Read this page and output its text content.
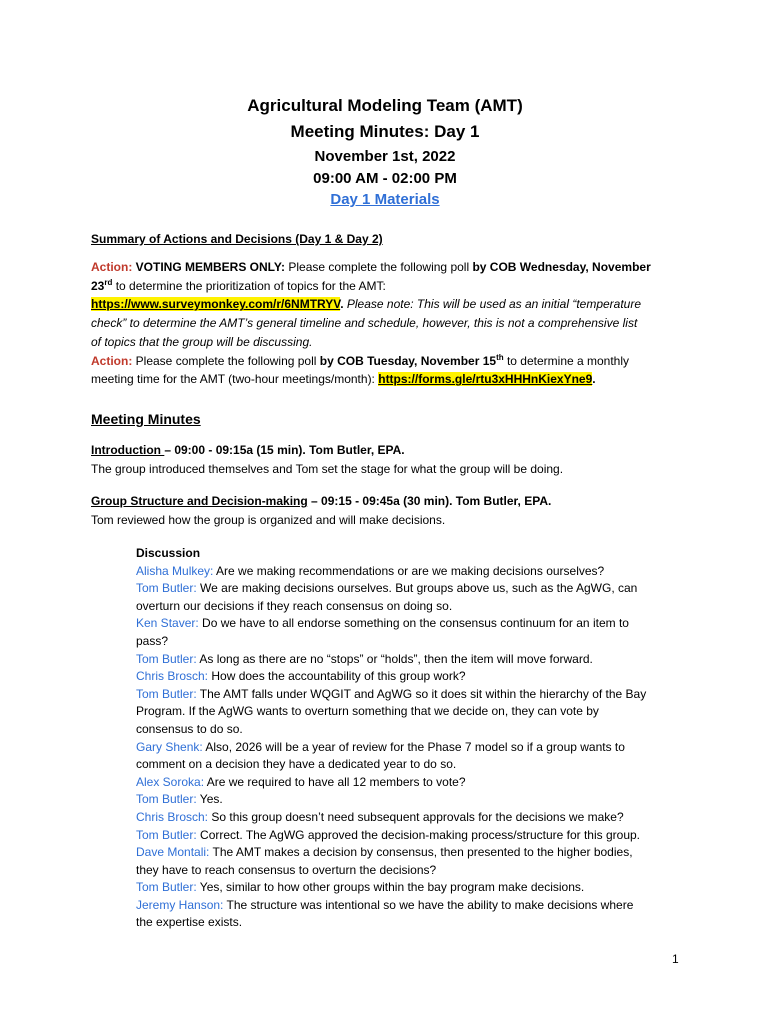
Agricultural Modeling Team (AMT)
Meeting Minutes: Day 1
November 1st, 2022
09:00 AM - 02:00 PM
Day 1 Materials
Summary of Actions and Decisions (Day 1 & Day 2)
Action: VOTING MEMBERS ONLY: Please complete the following poll by COB Wednesday, November
23rd to determine the prioritization of topics for the AMT:
https://www.surveymonkey.com/r/6NMTRYV. Please note: This will be used as an initial “temperature
check” to determine the AMT’s general timeline and schedule, however, this is not a comprehensive list
of topics that the group will be discussing.
Action: Please complete the following poll by COB Tuesday, November 15th to determine a monthly
meeting time for the AMT (two-hour meetings/month): https://forms.gle/rtu3xHHHnKiexYne9.
Meeting Minutes
Introduction – 09:00 - 09:15a (15 min). Tom Butler, EPA.
The group introduced themselves and Tom set the stage for what the group will be doing.
Group Structure and Decision-making – 09:15 - 09:45a (30 min). Tom Butler, EPA.
Tom reviewed how the group is organized and will make decisions.
Discussion
Alisha Mulkey: Are we making recommendations or are we making decisions ourselves?
Tom Butler: We are making decisions ourselves. But groups above us, such as the AgWG, can
overturn our decisions if they reach consensus on doing so.
Ken Staver: Do we have to all endorse something on the consensus continuum for an item to
pass?
Tom Butler: As long as there are no “stops” or “holds”, then the item will move forward.
Chris Brosch: How does the accountability of this group work?
Tom Butler: The AMT falls under WQGIT and AgWG so it does sit within the hierarchy of the Bay
Program. If the AgWG wants to overturn something that we decide on, they can vote by
consensus to do so.
Gary Shenk: Also, 2026 will be a year of review for the Phase 7 model so if a group wants to
comment on a decision they have a dedicated year to do so.
Alex Soroka: Are we required to have all 12 members to vote?
Tom Butler: Yes.
Chris Brosch: So this group doesn’t need subsequent approvals for the decisions we make?
Tom Butler: Correct. The AgWG approved the decision-making process/structure for this group.
Dave Montali: The AMT makes a decision by consensus, then presented to the higher bodies,
they have to reach consensus to overturn the decisions?
Tom Butler: Yes, similar to how other groups within the bay program make decisions.
Jeremy Hanson: The structure was intentional so we have the ability to make decisions where
the expertise exists.
1
